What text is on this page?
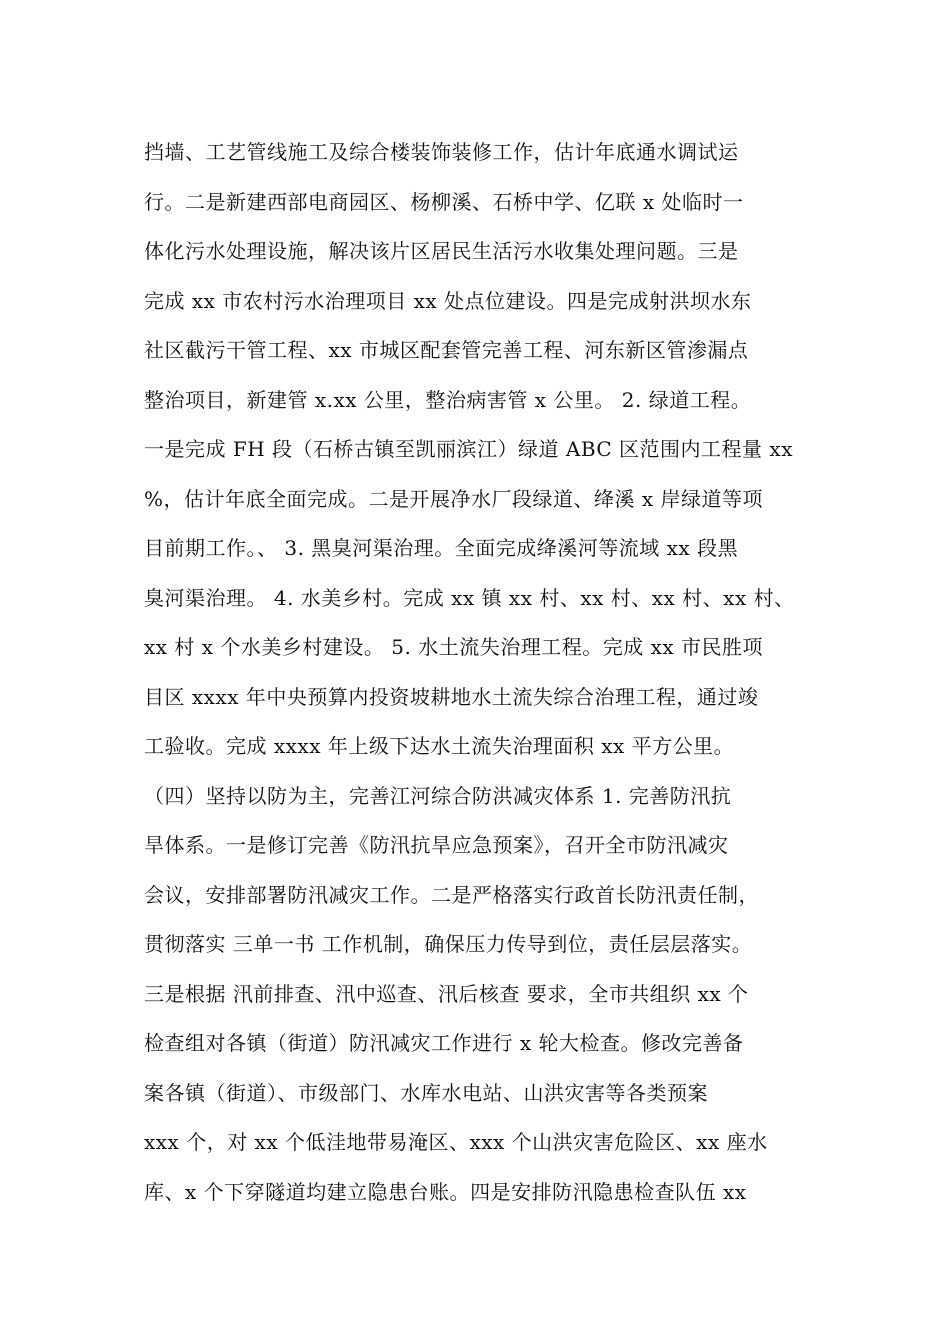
挡墙、工艺管线施工及综合楼装饰装修工作，估计年底通水调试运
行。二是新建西部电商园区、杨柳溪、石桥中学、亿联 x 处临时一
体化污水处理设施，解决该片区居民生活污水收集处理问题。三是
完成 xx 市农村污水治理项目 xx 处点位建设。四是完成射洪坝水东
社区截污干管工程、xx 市城区配套管完善工程、河东新区管渗漏点
整治项目，新建管 x.xx 公里，整治病害管 x 公里。 2. 绿道工程。
一是完成 FH 段（石桥古镇至凯丽滨江）绿道 ABC 区范围内工程量 xx
%，估计年底全面完成。二是开展净水厂段绿道、绛溪 x 岸绿道等项
目前期工作。、 3. 黑臭河渠治理。全面完成绛溪河等流域 xx 段黑
臭河渠治理。 4. 水美乡村。完成 xx 镇 xx 村、xx 村、xx 村、xx 村、
xx 村 x 个水美乡村建设。 5. 水土流失治理工程。完成 xx 市民胜项
目区 xxxx 年中央预算内投资坡耕地水土流失综合治理工程，通过竣
工验收。完成 xxxx 年上级下达水土流失治理面积 xx 平方公里。
（四）坚持以防为主，完善江河综合防洪减灾体系 1. 完善防汛抗
旱体系。一是修订完善《防汛抗旱应急预案》，召开全市防汛减灾
会议，安排部署防汛减灾工作。二是严格落实行政首长防汛责任制，
贯彻落实 三单一书 工作机制，确保压力传导到位，责任层层落实。
三是根据 汛前排查、汛中巡查、汛后核查 要求，全市共组织 xx 个
检查组对各镇（街道）防汛减灾工作进行 x 轮大检查。修改完善备
案各镇（街道）、市级部门、水库水电站、山洪灾害等各类预案
xxx 个，对 xx 个低洼地带易淹区、xxx 个山洪灾害危险区、xx 座水
库、x 个下穿隧道均建立隐患台账。四是安排防汛隐患检查队伍 xx
